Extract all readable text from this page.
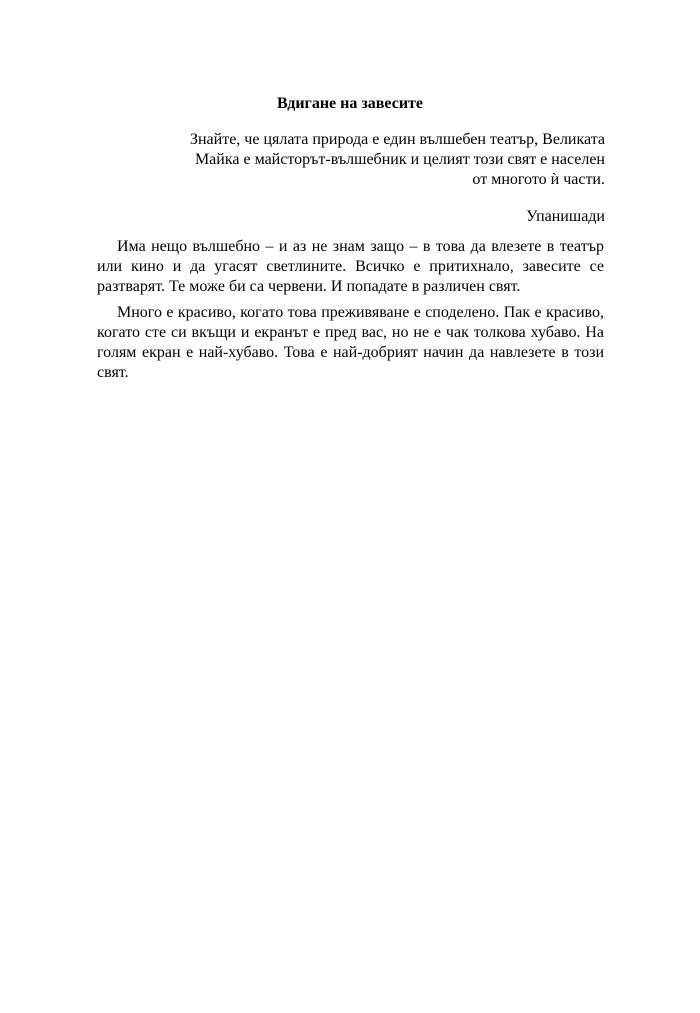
Вдигане на завесите
Знайте, че цялата природа е един вълшебен театър, Великата
Майка е майсторът-вълшебник и целият този свят е населен
от многото ѝ части.
Упанишади

Има нещо вълшебно – и аз не знам защо – в това да влезете в театър или кино и да угасят светлините. Всичко е притихнало, завесите се разтварят. Те може би са червени. И попадате в различен свят.

Много е красиво, когато това преживяване е споделено. Пак е красиво, когато сте си вкъщи и екранът е пред вас, но не е чак толкова хубаво. На голям екран е най-хубаво. Това е най-добрият начин да навлезете в този свят.
